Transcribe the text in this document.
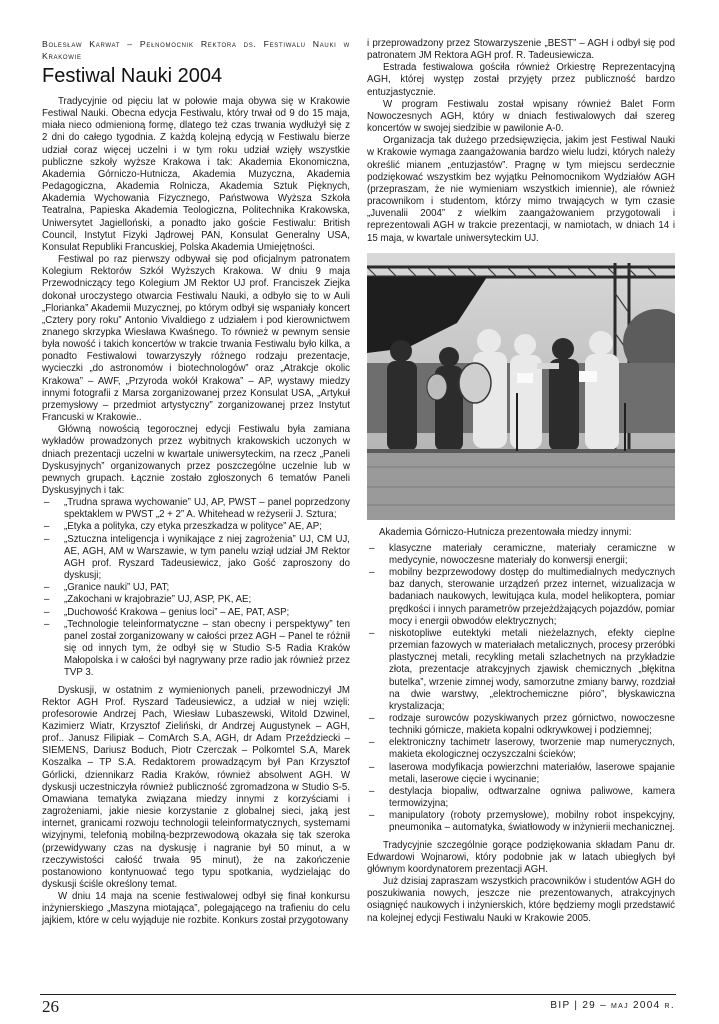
Bolesław Karwat – Pełnomocnik Rektora ds. Festiwalu Nauki w Krakowie
Festiwal Nauki 2004

Tradycyjnie od pięciu lat w połowie maja obywa się w Krakowie Festiwal Nauki. Obecna edycja Festiwalu, który trwał od 9 do 15 maja, miała nieco odmienioną formę, dlatego też czas trwania wydłużył się z 2 dni do całego tygodnia. Z każdą kolejną edycją w Festiwalu bierze udział coraz więcej uczelni i w tym roku udział wzięły wszystkie publiczne szkoły wyższe Krakowa i tak: Akademia Ekonomiczna, Akademia Górniczo-Hutnicza, Akademia Muzyczna, Akademia Pedagogiczna, Akademia Rolnicza, Akademia Sztuk Pięknych, Akademia Wychowania Fizycznego, Państwowa Wyższa Szkoła Teatralna, Papieska Akademia Teologiczna, Politechnika Krakowska, Uniwersytet Jagielloński, a ponadto jako goście Festiwalu: British Council, Instytut Fizyki Jądrowej PAN, Konsulat Generalny USA, Konsulat Republiki Francuskiej, Polska Akademia Umiejętności.

Festiwal po raz pierwszy odbywał się pod oficjalnym patronatem Kolegium Rektorów Szkół Wyższych Krakowa. W dniu 9 maja Przewodniczący tego Kolegium JM Rektor UJ prof. Franciszek Ziejka dokonał uroczystego otwarcia Festiwalu Nauki, a odbyło się to w Auli „Florianka” Akademii Muzycznej, po którym odbył się wspaniały koncert „Cztery pory roku” Antonio Vivaldiego z udziałem i pod kierownictwem znanego skrzypka Wiesława Kwaśnego. To również w pewnym sensie była nowość i takich koncertów w trakcie trwania Festiwalu było kilka, a ponadto Festiwalowi towarzyszyły różnego rodzaju prezentacje, wycieczki „do astronomów i biotechnologów” oraz „Atrakcje okolic Krakowa” – AWF, „Przyroda wokół Krakowa” – AP, wystawy miedzy innymi fotografii z Marsa zorganizowanej przez Konsulat USA, „Artykuł przemysłowy – przedmiot artystyczny” zorganizowanej przez Instytut Francuski w Krakowie..

Główną nowością tegorocznej edycji Festiwalu była zamiana wykładów prowadzonych przez wybitnych krakowskich uczonych w dniach prezentacji uczelni w kwartale uniwersyteckim, na rzecz „Paneli Dyskusyjnych” organizowanych przez poszczególne uczelnie lub w pewnych grupach. Łącznie zostało zgłoszonych 6 tematów Paneli Dyskusyjnych i tak:

– „Trudna sprawa wychowanie” UJ, AP, PWST – panel poprzedzony spektaklem w PWST „2 + 2” A. Whitehead w reżyserii J. Sztura;
– „Etyka a polityka, czy etyka przeszkadza w polityce” AE, AP;
– „Sztuczna inteligencja i wynikające z niej zagrożenia” UJ, CM UJ, AE, AGH, AM w Warszawie, w tym panelu wziął udział JM Rektor AGH prof. Ryszard Tadeusiewicz, jako Gość zaproszony do dyskusji;
– „Granice nauki” UJ, PAT;
– „Zakochani w krajobrazie” UJ, ASP, PK, AE;
– „Duchowość Krakowa – genius loci” – AE, PAT, ASP;
– „Technologie teleinformatyczne – stan obecny i perspektywy” ten panel został zorganizowany w całości przez AGH – Panel te różnił się od innych tym, że odbył się w Studio S-5 Radia Kraków Małopolska i w całości był nagrywany prze radio jak również przez TVP 3.

Dyskusji, w ostatnim z wymienionych paneli, przewodniczył JM Rektor AGH Prof. Ryszard Tadeusiewicz, a udział w niej wzięli: profesorowie Andrzej Pach, Wiesław Lubaszewski, Witold Dzwinel, Kazimierz Wiatr, Krzysztof Zieliński, dr Andrzej Augustynek – AGH, prof.. Janusz Filipiak – ComArch S.A, AGH, dr Adam Przeździecki – SIEMENS, Dariusz Boduch, Piotr Czerczak – Polkomtel S.A, Marek Koszalka – TP S.A. Redaktorem prowadzącym był Pan Krzysztof Górlicki, dziennikarz Radia Kraków, również absolwent AGH. W dyskusji uczestniczyła również publiczność zgromadzona w Studio S-5. Omawiana tematyka związana miedzy innymi z korzyściami i zagrożeniami, jakie niesie korzystanie z globalnej sieci, jaką jest internet, granicami rozwoju technologii teleinformatycznych, systemami wizyjnymi, telefonią mobilną-bezprzewodową okazała się tak szeroka (przewidywany czas na dyskusję i nagranie był 50 minut, a w rzeczywistości całość trwała 95 minut), że na zakończenie postanowiono kontynuować tego typu spotkania, wydzielając do dyskusji ściśle określony temat.

W dniu 14 maja na scenie festiwalowej odbył się finał konkursu inżynierskiego „Maszyna miotająca”, polegającego na trafieniu do celu jajkiem, które w celu wyjąduje nie rozbite. Konkurs został przygotowany

i przeprowadzony przez Stowarzyszenie „BEST” – AGH i odbył się pod patronatem JM Rektora AGH prof. R. Tadeusiewicza.

Estrada festiwalowa gościła również Orkiestrę Reprezentacyjną AGH, której występ został przyjęty przez publiczność bardzo entuzjastycznie.

W program Festiwalu został wpisany również Balet Form Nowoczesnych AGH, który w dniach festiwalowych dał szereg koncertów w swojej siedzibie w pawilonie A-0.

Organizacja tak dużego przedsięwzięcia, jakim jest Festiwal Nauki w Krakowie wymaga zaangażowania bardzo wielu ludzi, których należy określić mianem „entuzjastów”. Pragnę w tym miejscu serdecznie podziękować wszystkim bez wyjątku Pełnomocnikom Wydziałów AGH (przepraszam, że nie wymieniam wszystkich imiennie), ale również pracownikom i studentom, którzy mimo trwających w tym czasie „Juvenalii 2004” z wielkim zaangażowaniem przygotowali i reprezentowali AGH w trakcie prezentacji, w namiotach, w dniach 14 i 15 maja, w kwartale uniwersyteckim UJ.

Akademia Górniczo-Hutnicza prezentowała miedzy innymi:

– klasyczne materiały ceramiczne, materiały ceramiczne w medycynie, nowoczesne materiały do konwersji energii;
– mobilny bezprzewodowy dostęp do multimedialnych medycznych baz danych, sterowanie urządzeń przez internet, wizualizacja w badaniach naukowych, lewitująca kula, model helikoptera, pomiar prędkości i innych parametrów przejeżdżających pojazdów, pomiar mocy i energii obwodów elektrycznych;
– niskotopliwe eutektyki metali nieżelaznych, efekty cieplne przemian fazowych w materiałach metalicznych, procesy przeróbki plastycznej metali, recykling metali szlachetnych na przykładzie złota, prezentacje atrakcyjnych zjawisk chemicznych „błękitna butelka”, wrzenie zimnej wody, samorzutne zmiany barwy, rozdział na dwie warstwy, „elektrochemiczne pióro”, błyskawiczna krystalizacja;
– rodzaje surowców pozyskiwanych przez górnictwo, nowoczesne techniki górnicze, makieta kopalni odkrywkowej i podziemnej;
– elektroniczny tachimetr laserowy, tworzenie map numerycznych, makieta ekologicznej oczyszczalni ścieków;
– laserowa modyfikacja powierzchni materiałów, laserowe spajanie metali, laserowe cięcie i wycinanie;
– destylacja biopaliw, odtwarzalne ogniwa paliwowe, kamera termowizyjna;
– manipulatory (roboty przemysłowe), mobilny robot inspekcyjny, pneumonika – automatyka, światłowody w inżynierii mechanicznej.

Tradycyjnie szczególnie gorące podziękowania składam Panu dr. Edwardowi Wojnarowi, który podobnie jak w latach ubiegłych był głównym koordynatorem prezentacji AGH.

Już dzisiaj zapraszam wszystkich pracowników i studentów AGH do poszukiwania nowych, jeszcze nie prezentowanych, atrakcyjnych osiągnięć naukowych i inżynierskich, które będziemy mogli przedstawić na kolejnej edycji Festiwalu Nauki w Krakowie 2005.

26	BIP | 29 – maj 2004 r.
